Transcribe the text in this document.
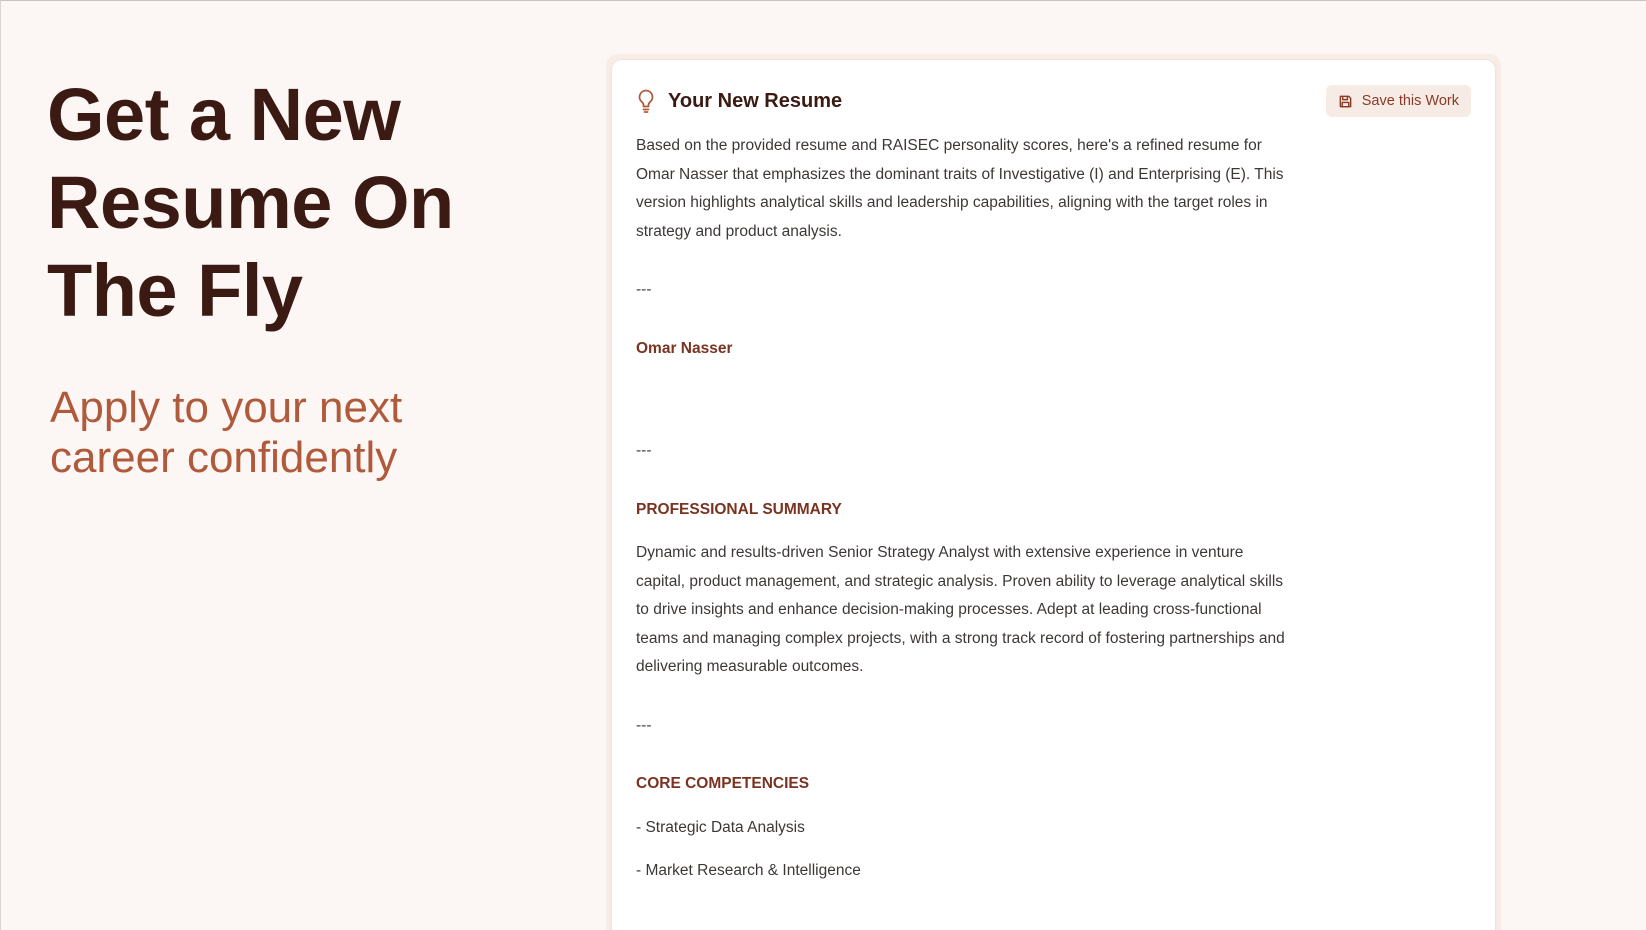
Get a New Resume On The Fly
Apply to your next career confidently
Your New Resume	Save this Work

Based on the provided resume and RAISEC personality scores, here's a refined resume for Omar Nasser that emphasizes the dominant traits of Investigative (I) and Enterprising (E). This version highlights analytical skills and leadership capabilities, aligning with the target roles in strategy and product analysis.

---

Omar Nasser

---

PROFESSIONAL SUMMARY

Dynamic and results-driven Senior Strategy Analyst with extensive experience in venture capital, product management, and strategic analysis. Proven ability to leverage analytical skills to drive insights and enhance decision-making processes. Adept at leading cross-functional teams and managing complex projects, with a strong track record of fostering partnerships and delivering measurable outcomes.

---

CORE COMPETENCIES

- Strategic Data Analysis

- Market Research & Intelligence
